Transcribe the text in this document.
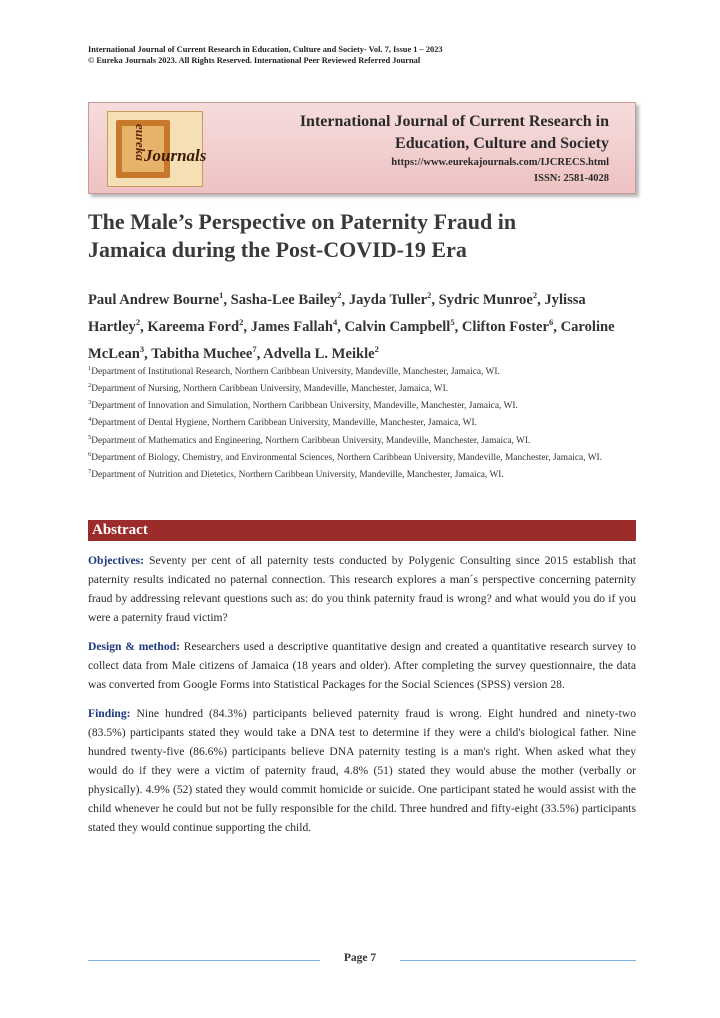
International Journal of Current Research in Education, Culture and Society- Vol. 7, Issue 1 – 2023
© Eureka Journals 2023. All Rights Reserved. International Peer Reviewed Referred Journal
eureka
Journals
International Journal of Current Research in
Education, Culture and Society
https://www.eurekajournals.com/IJCRECS.html
ISSN: 2581-4028
The Male’s Perspective on Paternity Fraud in
Jamaica during the Post-COVID-19 Era
Paul Andrew Bourne$^1$, Sasha-Lee Bailey$^2$, Jayda Tuller$^2$, Sydric Munroe$^2$, Jylissa Hartley$^2$, Kareema Ford$^2$, James Fallah$^4$, Calvin Campbell$^5$, Clifton Foster$^6$, Caroline McLean$^3$, Tabitha Muchee$^7$, Advella L. Meikle$^2$

$^1$Department of Institutional Research, Northern Caribbean University, Mandeville, Manchester, Jamaica, WI.

$^2$Department of Nursing, Northern Caribbean University, Mandeville, Manchester, Jamaica, WI.

$^3$Department of Innovation and Simulation, Northern Caribbean University, Mandeville, Manchester, Jamaica, WI.

$^4$Department of Dental Hygiene, Northern Caribbean University, Mandeville, Manchester, Jamaica, WI.

$^5$Department of Mathematics and Engineering, Northern Caribbean University, Mandeville, Manchester, Jamaica, WI.

$^6$Department of Biology, Chemistry, and Environmental Sciences, Northern Caribbean University, Mandeville, Manchester, Jamaica, WI.

$^7$Department of Nutrition and Dietetics, Northern Caribbean University, Mandeville, Manchester, Jamaica, WI.

Abstract

Objectives: Seventy per cent of all paternity tests conducted by Polygenic Consulting since 2015 establish that paternity results indicated no paternal connection. This research explores a man´s perspective concerning paternity fraud by addressing relevant questions such as: do you think paternity fraud is wrong? and what would you do if you were a paternity fraud victim?

Design & method: Researchers used a descriptive quantitative design and created a quantitative research survey to collect data from Male citizens of Jamaica (18 years and older). After completing the survey questionnaire, the data was converted from Google Forms into Statistical Packages for the Social Sciences (SPSS) version 28.

Finding: Nine hundred (84.3%) participants believed paternity fraud is wrong. Eight hundred and ninety-two (83.5%) participants stated they would take a DNA test to determine if they were a child's biological father. Nine hundred twenty-five (86.6%) participants believe DNA paternity testing is a man's right. When asked what they would do if they were a victim of paternity fraud, 4.8% (51) stated they would abuse the mother (verbally or physically). 4.9% (52) stated they would commit homicide or suicide. One participant stated he would assist with the child whenever he could but not be fully responsible for the child. Three hundred and fifty-eight (33.5%) participants stated they would continue supporting the child.

Page 7
